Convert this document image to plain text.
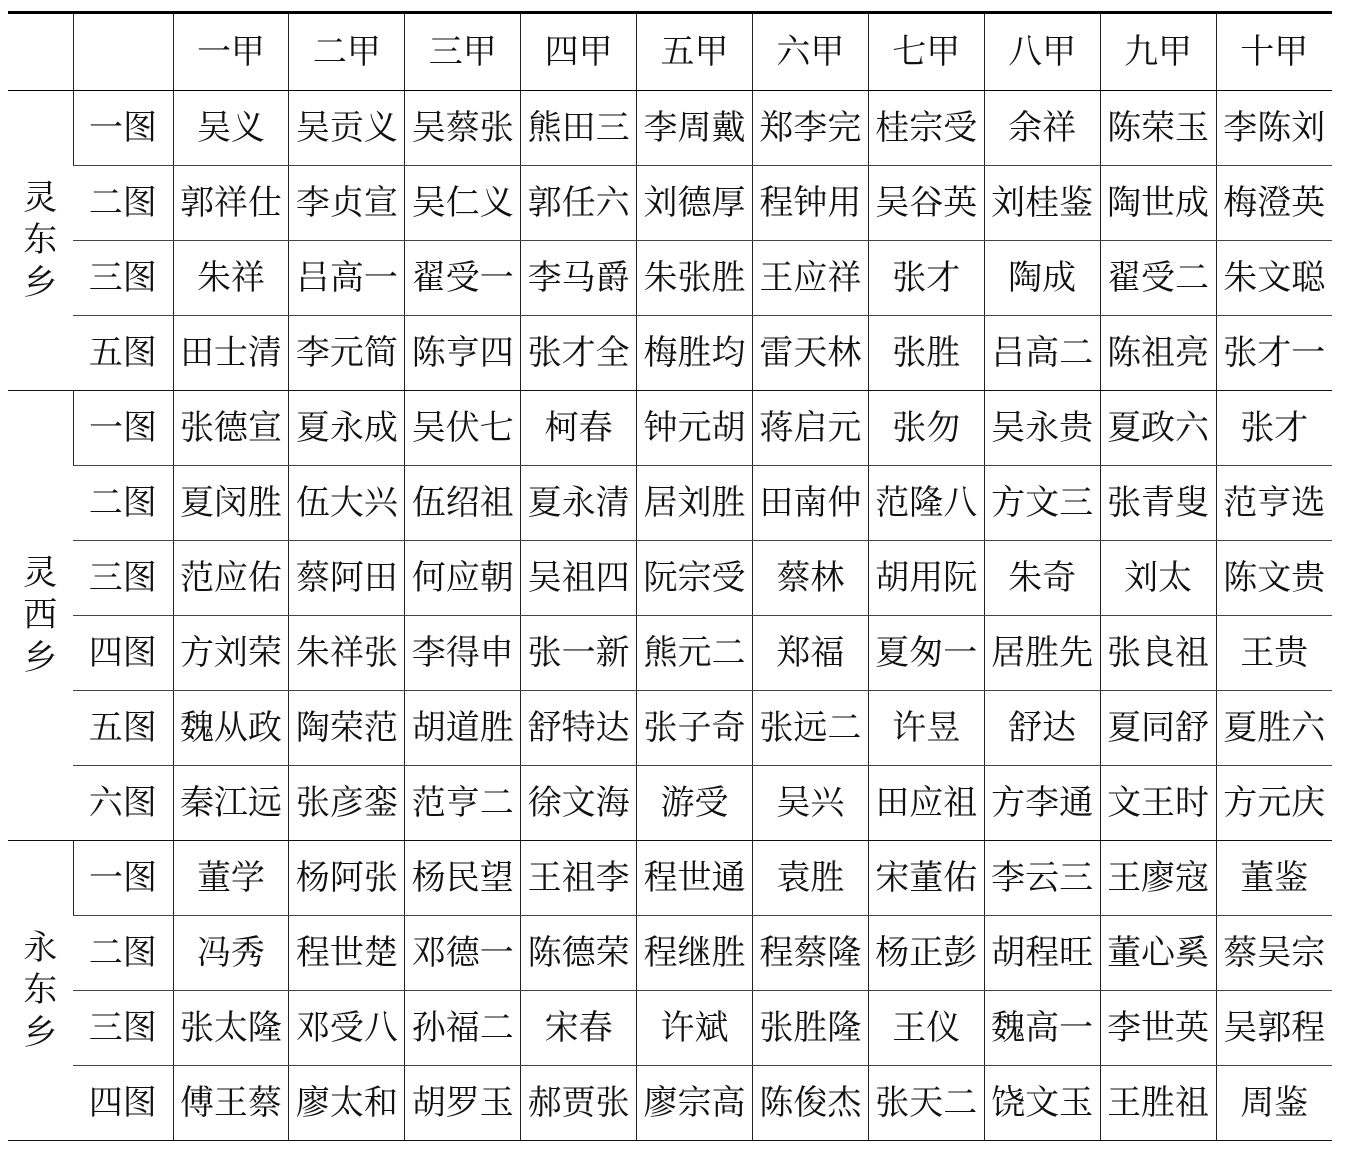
		一甲	二甲	三甲	四甲	五甲	六甲	七甲	八甲	九甲	十甲
灵东乡	一图	吴义	吴贡义	吴蔡张	熊田三	李周戴	郑李完	桂宗受	余祥	陈荣玉	李陈刘
	二图	郭祥仕	李贞宣	吴仁义	郭任六	刘德厚	程钟用	吴谷英	刘桂鉴	陶世成	梅澄英
	三图	朱祥	吕高一	翟受一	李马爵	朱张胜	王应祥	张才	陶成	翟受二	朱文聪
	五图	田士清	李元简	陈亨四	张才全	梅胜均	雷天林	张胜	吕高二	陈祖亮	张才一
灵西乡	一图	张德宣	夏永成	吴伏七	柯春	钟元胡	蒋启元	张勿	吴永贵	夏政六	张才
	二图	夏闵胜	伍大兴	伍绍祖	夏永清	居刘胜	田南仲	范隆八	方文三	张青叟	范亨选
	三图	范应佑	蔡阿田	何应朝	吴祖四	阮宗受	蔡林	胡用阮	朱奇	刘太	陈文贵
	四图	方刘荣	朱祥张	李得申	张一新	熊元二	郑福	夏匆一	居胜先	张良祖	王贵
	五图	魏从政	陶荣范	胡道胜	舒特达	张子奇	张远二	许昱	舒达	夏同舒	夏胜六
	六图	秦江远	张彦銮	范亨二	徐文海	游受	吴兴	田应祖	方李通	文王时	方元庆
永东乡	一图	董学	杨阿张	杨民望	王祖李	程世通	袁胜	宋董佑	李云三	王廖寇	董鉴
	二图	冯秀	程世楚	邓德一	陈德荣	程继胜	程蔡隆	杨正彭	胡程旺	董心奚	蔡吴宗
	三图	张太隆	邓受八	孙福二	宋春	许斌	张胜隆	王仪	魏高一	李世英	吴郭程
	四图	傅王蔡	廖太和	胡罗玉	郝贾张	廖宗高	陈俊杰	张天二	饶文玉	王胜祖	周鉴
